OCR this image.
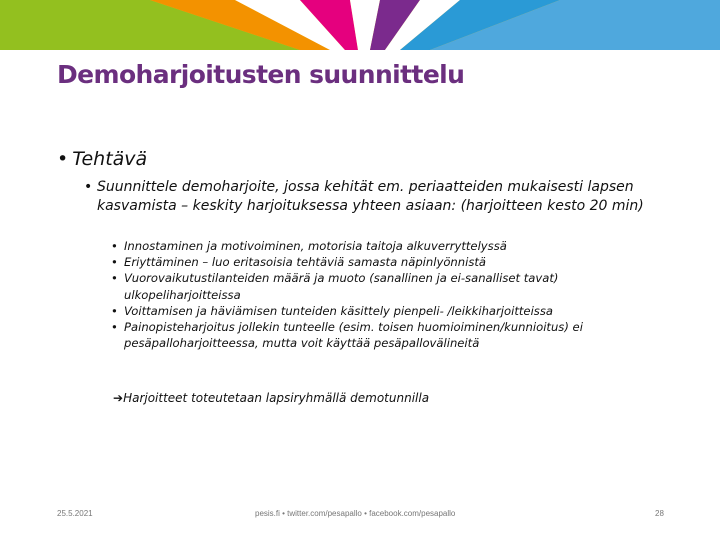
Demoharjoitusten suunnittelu
• Tehtävä
• Suunnittele demoharjoite, jossa kehität em. periaatteiden mukaisesti lapsen kasvamista – keskity harjoituksessa yhteen asiaan: (harjoitteen kesto 20 min)
• Innostaminen ja motivoiminen, motorisia taitoja alkuverryttelyssä
• Eriyttäminen – luo eritasoisia tehtäviä samasta näpinlyönnistä
• Vuorovaikutustilanteiden määrä ja muoto (sanallinen ja ei-sanalliset tavat) ulkopeliharjoitteissa
• Voittamisen ja häviämisen tunteiden käsittely pienpeli- /leikkiharjoitteissa
• Painopisteharjoitus jollekin tunteelle (esim. toisen huomioiminen/kunnioitus) ei pesäpalloharjoitteessa, mutta voit käyttää pesäpallovälineitä
➔Harjoitteet toteutetaan lapsiryhmällä demotunnilla
25.5.2021	pesis.fi • twitter.com/pesapallo • facebook.com/pesapallo	28
